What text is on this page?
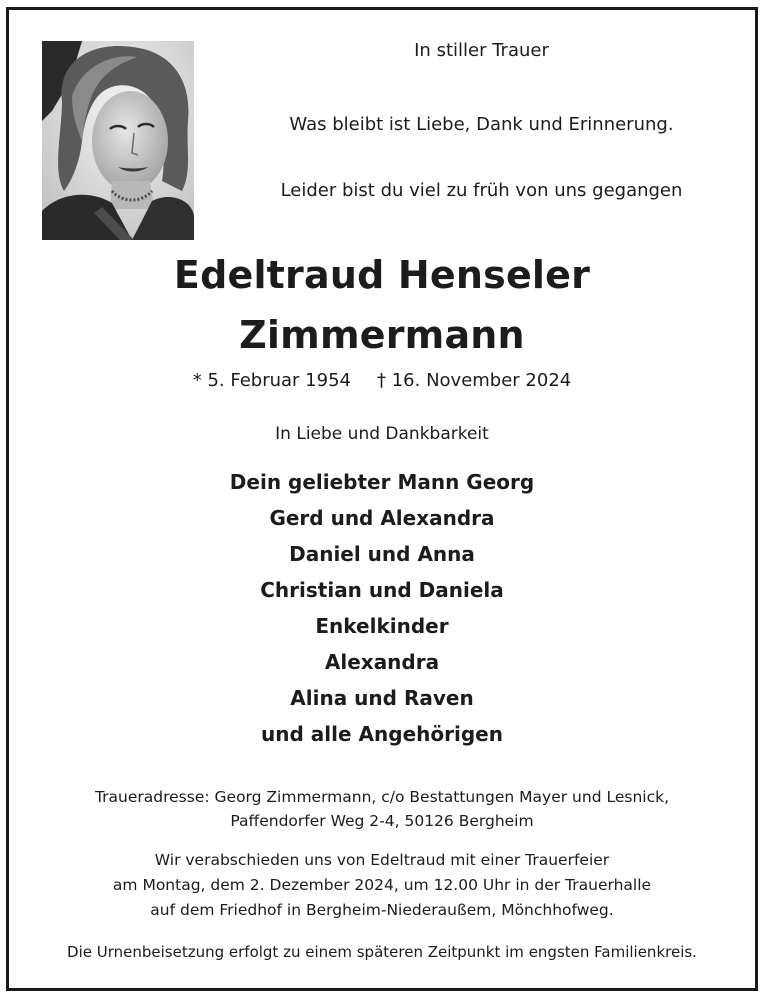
In stiller Trauer
Was bleibt ist Liebe, Dank und Erinnerung.
Leider bist du viel zu früh von uns gegangen
Edeltraud Henseler
Zimmermann
* 5. Februar 1954 † 16. November 2024
In Liebe und Dankbarkeit
Dein geliebter Mann Georg
Gerd und Alexandra
Daniel und Anna
Christian und Daniela
Enkelkinder
Alexandra
Alina und Raven
und alle Angehörigen
Traueradresse: Georg Zimmermann, c/o Bestattungen Mayer und Lesnick,
Paffendorfer Weg 2-4, 50126 Bergheim
Wir verabschieden uns von Edeltraud mit einer Trauerfeier
am Montag, dem 2. Dezember 2024, um 12.00 Uhr in der Trauerhalle
auf dem Friedhof in Bergheim-Niederaußem, Mönchhofweg.
Die Urnenbeisetzung erfolgt zu einem späteren Zeitpunkt im engsten Familienkreis.
